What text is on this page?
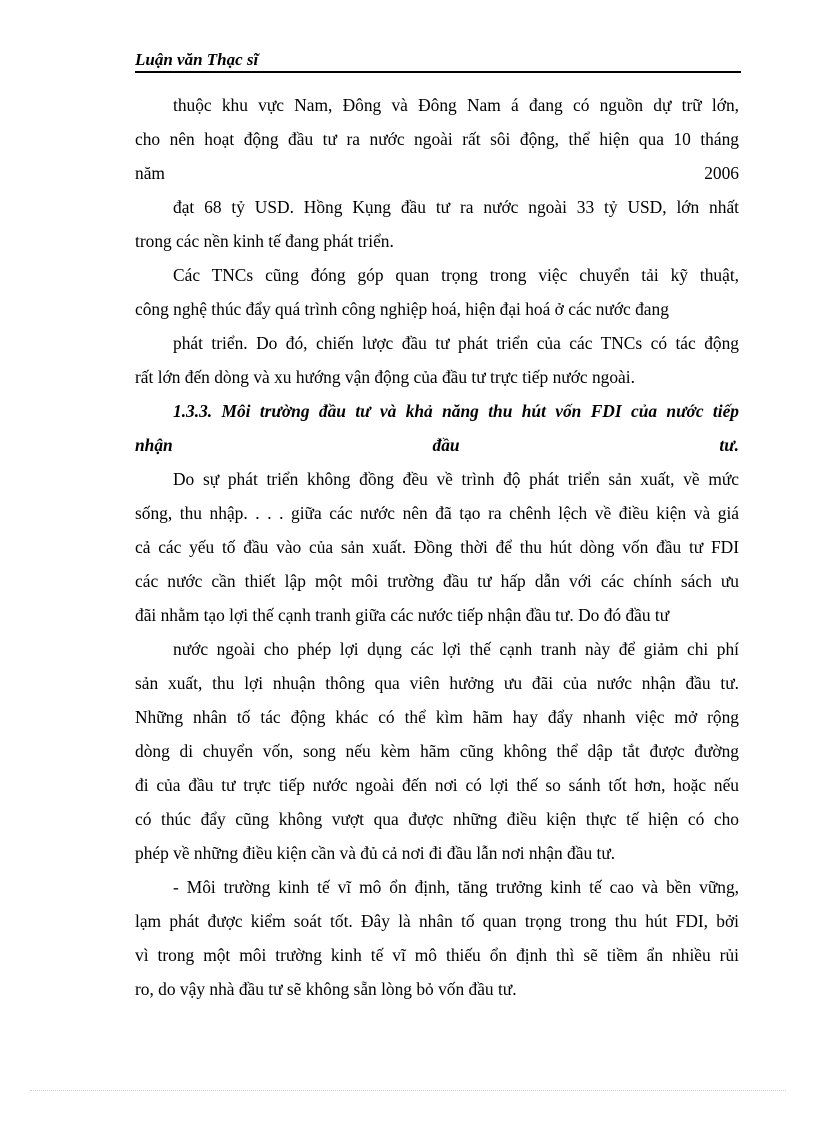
Luận văn Thạc sĩ
thuộc khu vực Nam, Đông và Đông Nam á đang có nguồn dự trữ lớn,
cho nên hoạt động đầu tư ra nước ngoài rất sôi động, thể hiện qua 10 tháng
năm 2006
đạt 68 tỷ USD. Hồng Kụng đầu tư ra nước ngoài 33 tỷ USD, lớn nhất
trong các nền kinh tế đang phát triển.
Các TNCs cũng đóng góp quan trọng trong việc chuyển tải kỹ thuật,
công nghệ thúc đẩy quá trình công nghiệp hoá, hiện đại hoá ở các nước đang
phát triển. Do đó, chiến lược đầu tư phát triển của các TNCs có tác động
rất lớn đến dòng và xu hướng vận động của đầu tư trực tiếp nước ngoài.
1.3.3. Môi trường đầu tư và khả năng thu hút vốn FDI của nước tiếp
nhận đầu tư.
Do sự phát triển không đồng đều về trình độ phát triển sản xuất, về mức
sống, thu nhập. . . . giữa các nước nên đã tạo ra chênh lệch về điều kiện và giá
cả các yếu tố đầu vào của sản xuất. Đồng thời để thu hút dòng vốn đầu tư FDI
các nước cần thiết lập một môi trường đầu tư hấp dẫn với các chính sách ưu
đãi nhằm tạo lợi thế cạnh tranh giữa các nước tiếp nhận đầu tư. Do đó đầu tư
nước ngoài cho phép lợi dụng các lợi thế cạnh tranh này để giảm chi phí
sản xuất, thu lợi nhuận thông qua viên hưởng ưu đãi của nước nhận đầu tư.
Những nhân tố tác động khác có thể kìm hãm hay đẩy nhanh việc mở rộng
dòng di chuyển vốn, song nếu kèm hãm cũng không thể dập tắt được đường
đi của đầu tư trực tiếp nước ngoài đến nơi có lợi thế so sánh tốt hơn, hoặc nếu
có thúc đẩy cũng không vượt qua được những điều kiện thực tế hiện có cho
phép về những điều kiện cần và đủ cả nơi đi đầu lẫn nơi nhận đầu tư.
- Môi trường kinh tế vĩ mô ổn định, tăng trưởng kinh tế cao và bền vững,
lạm phát được kiểm soát tốt. Đây là nhân tố quan trọng trong thu hút FDI, bởi
vì trong một môi trường kinh tế vĩ mô thiếu ổn định thì sẽ tiềm ẩn nhiều rủi
ro, do vậy nhà đầu tư sẽ không sẵn lòng bỏ vốn đầu tư.
